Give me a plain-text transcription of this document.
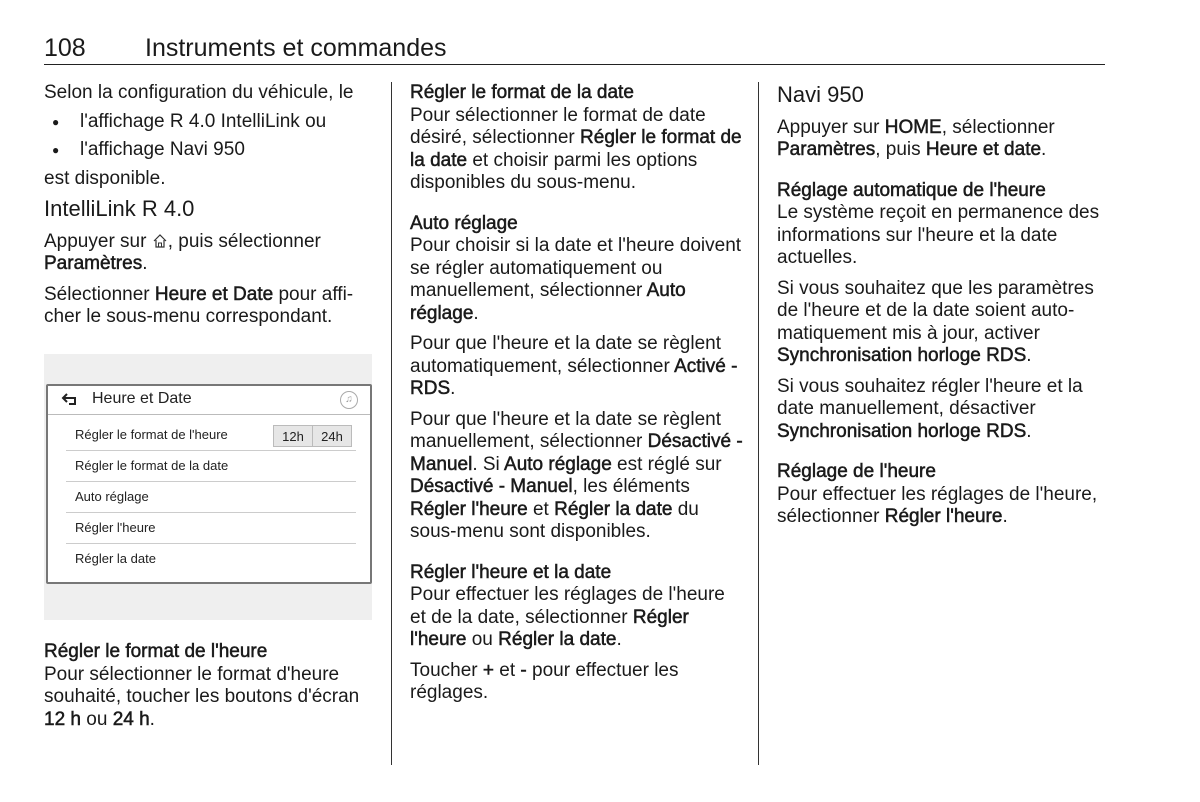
108 Instruments et commandes

Selon la configuration du véhicule, le

● l'affichage R 4.0 IntelliLink ou
● l'affichage Navi 950

est disponible.

IntelliLink R 4.0

Appuyer sur , puis sélectionner Paramètres.

Sélectionner Heure et Date pour affi-cher le sous-menu correspondant.

Heure et Date	♫
Régler le format de l'heure	12h	24h
Régler le format de la date
Auto réglage
Régler l'heure
Régler la date
Régler le format de l'heure

Pour sélectionner le format d'heure souhaité, toucher les boutons d'écran 12 h ou 24 h.

Régler le format de la date

Pour sélectionner le format de date désiré, sélectionner Régler le format de la date et choisir parmi les options disponibles du sous-menu.

Auto réglage

Pour choisir si la date et l'heure doivent se régler automatiquement ou manuellement, sélectionner Auto réglage.

Pour que l'heure et la date se règlent automatiquement, sélectionner Activé - RDS.

Pour que l'heure et la date se règlent manuellement, sélectionner Désactivé - Manuel. Si Auto réglage est réglé sur Désactivé - Manuel, les éléments Régler l'heure et Régler la date du sous-menu sont disponibles.

Régler l'heure et la date

Pour effectuer les réglages de l'heure et de la date, sélectionner Régler l'heure ou Régler la date.

Toucher + et - pour effectuer les réglages.

Navi 950

Appuyer sur HOME, sélectionner Paramètres, puis Heure et date.

Réglage automatique de l'heure

Le système reçoit en permanence des informations sur l'heure et la date actuelles.

Si vous souhaitez que les paramètres de l'heure et de la date soient auto-matiquement mis à jour, activer Synchronisation horloge RDS.

Si vous souhaitez régler l'heure et la date manuellement, désactiver Synchronisation horloge RDS.

Réglage de l'heure

Pour effectuer les réglages de l'heure, sélectionner Régler l'heure.
